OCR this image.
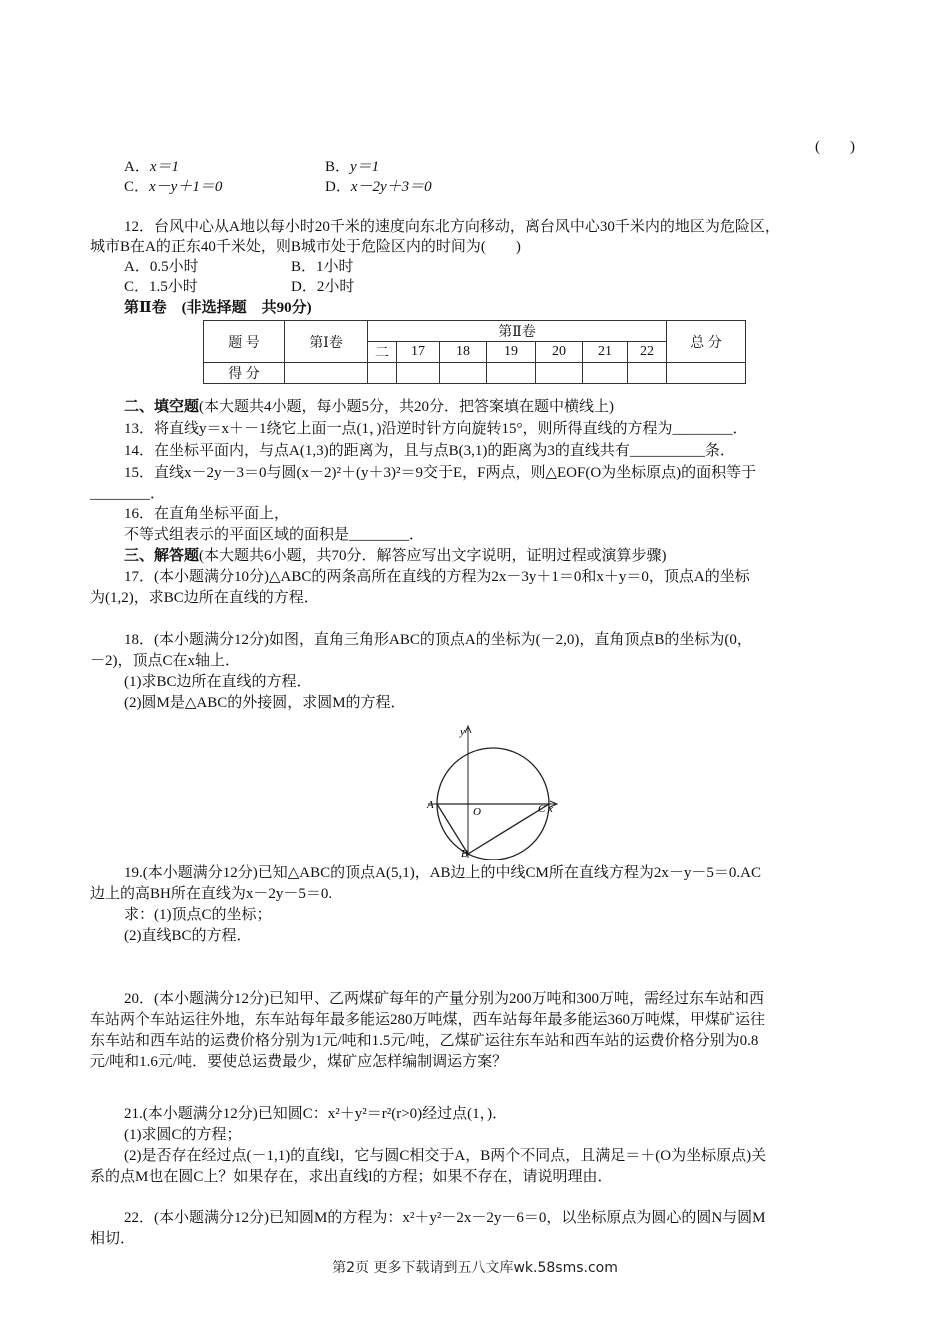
(　　)
A．x＝1	B．y＝1
C．x－y＋1＝0	D．x－2y＋3＝0
12．台风中心从A地以每小时20千米的速度向东北方向移动，离台风中心30千米内的地区为危险区，
城市B在A的正东40千米处，则B城市处于危险区内的时间为(　　)
A．0.5小时	B．1小时
C．1.5小时	D．2小时
第Ⅱ卷　(非选择题　共90分)
题 号	第Ⅰ卷	第Ⅱ卷							总 分
		二	17	18	19	20	21	22	
得 分									
二、填空题(本大题共4小题，每小题5分，共20分．把答案填在题中横线上)
13．将直线y＝x＋－1绕它上面一点(1，)沿逆时针方向旋转15°，则所得直线的方程为________．
14．在坐标平面内，与点A(1,3)的距离为，且与点B(3,1)的距离为3的直线共有__________条．
15．直线x－2y－3＝0与圆(x－2)²＋(y＋3)²＝9交于E，F两点，则△EOF(O为坐标原点)的面积等于
________．
16．在直角坐标平面上，
不等式组表示的平面区域的面积是________．
三、解答题(本大题共6小题，共70分．解答应写出文字说明，证明过程或演算步骤)
17．(本小题满分10分)△ABC的两条高所在直线的方程为2x－3y＋1＝0和x＋y＝0，顶点A的坐标
为(1,2)，求BC边所在直线的方程．
18．(本小题满分12分)如图，直角三角形ABC的顶点A的坐标为(－2,0)，直角顶点B的坐标为(0，
－2)，顶点C在x轴上．
(1)求BC边所在直线的方程．
(2)圆M是△ABC的外接圆，求圆M的方程．
y
x
A
O	C
B
19.(本小题满分12分)已知△ABC的顶点A(5,1)，AB边上的中线CM所在直线方程为2x－y－5＝0.AC
边上的高BH所在直线为x－2y－5＝0.
求：(1)顶点C的坐标；
(2)直线BC的方程．
20．(本小题满分12分)已知甲、乙两煤矿每年的产量分别为200万吨和300万吨，需经过东车站和西
车站两个车站运往外地，东车站每年最多能运280万吨煤，西车站每年最多能运360万吨煤，甲煤矿运往
东车站和西车站的运费价格分别为1元/吨和1.5元/吨，乙煤矿运往东车站和西车站的运费价格分别为0.8
元/吨和1.6元/吨．要使总运费最少，煤矿应怎样编制调运方案？
21.(本小题满分12分)已知圆C：x²＋y²＝r²(r>0)经过点(1，)．
(1)求圆C的方程；
(2)是否存在经过点(－1,1)的直线l，它与圆C相交于A，B两个不同点，且满足＝＋(O为坐标原点)关
系的点M也在圆C上？如果存在，求出直线l的方程；如果不存在，请说明理由．
22．(本小题满分12分)已知圆M的方程为：x²＋y²－2x－2y－6＝0，以坐标原点为圆心的圆N与圆M
相切．
第2页 更多下载请到五八文库wk.58sms.com
